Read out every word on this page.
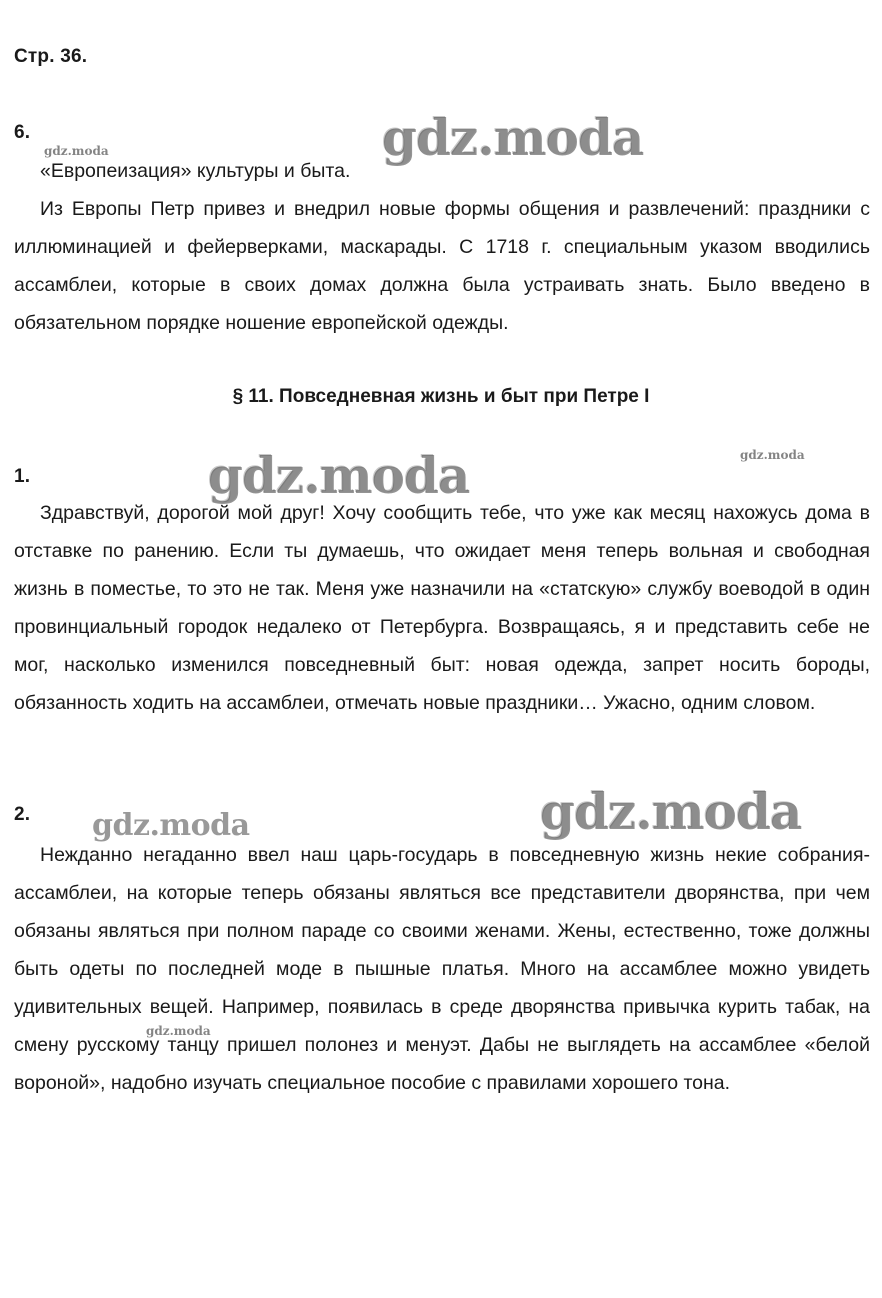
Стр. 36.
6.

«Европеизация» культуры и быта.

Из Европы Петр привез и внедрил новые формы общения и развлечений: праздники с иллюминацией и фейерверками, маскарады. С 1718 г. специальным указом вводились ассамблеи, которые в своих домах должна была устраивать знать. Было введено в обязательном порядке ношение европейской одежды.

§ 11. Повседневная жизнь и быт при Петре I
1.

Здравствуй, дорогой мой друг! Хочу сообщить тебе, что уже как месяц нахожусь дома в отставке по ранению. Если ты думаешь, что ожидает меня теперь вольная и свободная жизнь в поместье, то это не так. Меня уже назначили на «статскую» службу воеводой в один провинциальный городок недалеко от Петербурга. Возвращаясь, я и представить себе не мог, насколько изменился повседневный быт: новая одежда, запрет носить бороды, обязанность ходить на ассамблеи, отмечать новые праздники… Ужасно, одним словом.

2.

Нежданно негаданно ввел наш царь-государь в повседневную жизнь некие собрания-ассамблеи, на которые теперь обязаны являться все представители дворянства, при чем обязаны являться при полном параде со своими женами. Жены, естественно, тоже должны быть одеты по последней моде в пышные платья. Много на ассамблее можно увидеть удивительных вещей. Например, появилась в среде дворянства привычка курить табак, на смену русскому танцу пришел полонез и менуэт. Дабы не выглядеть на ассамблее «белой вороной», надобно изучать специальное пособие с правилами хорошего тона.

gdz.moda
gdz.moda
gdz.moda	gdz.moda
gdz.moda	gdz.moda
gdz.moda
